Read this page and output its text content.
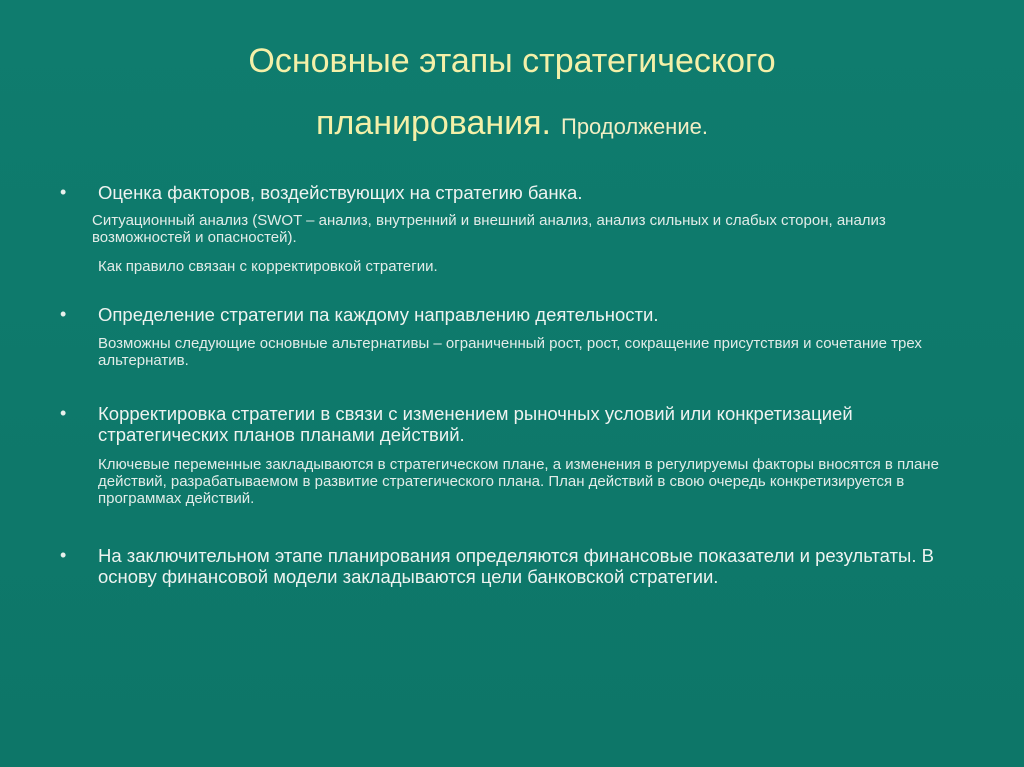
Основные этапы стратегического
планирования. Продолжение.
• Оценка факторов, воздействующих на стратегию банка.
Ситуационный анализ (SWOT – анализ, внутренний и внешний анализ, анализ сильных и слабых сторон, анализ возможностей и опасностей).
Как правило связан с корректировкой стратегии.
• Определение стратегии па каждому направлению деятельности.
Возможны следующие основные альтернативы – ограниченный рост, рост, сокращение присутствия и сочетание трех альтернатив.
• Корректировка стратегии в связи с изменением рыночных условий или конкретизацией стратегических планов планами действий.
Ключевые переменные закладываются в стратегическом плане, а изменения в регулируемы факторы вносятся в плане действий, разрабатываемом в развитие стратегического плана. План действий в свою очередь конкретизируется в программах действий.
• На заключительном этапе планирования определяются финансовые показатели и результаты. В основу финансовой модели закладываются цели банковской стратегии.
